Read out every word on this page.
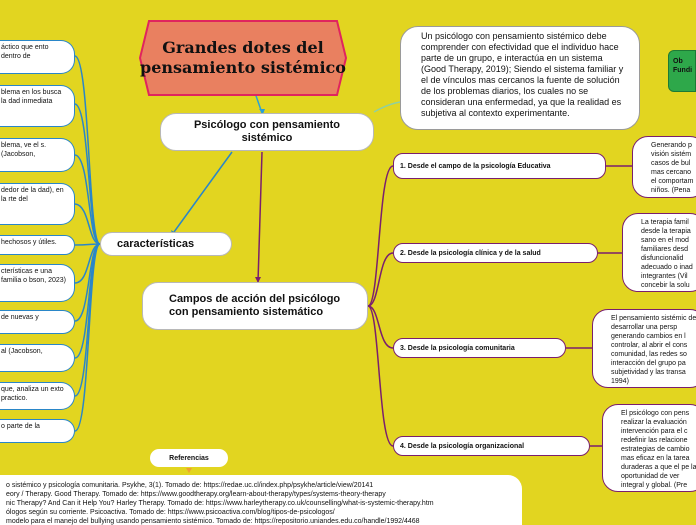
Grandes dotes del
pensamiento sistémico
Psicólogo con pensamiento sistémico
Un psicólogo con pensamiento sistémico debe comprender con efectividad que el individuo hace parte de un grupo, e interactúa en un sistema (Good Therapy, 2019); Siendo el sistema familiar y el de vínculos mas cercanos la fuente de solución de los problemas diarios, los cuales no se consideran una enfermedad, ya que la realidad es subjetiva al contexto experimentante.
Ob
Fundi
características
Campos de acción del psicólogo con pensamiento sistemático
áctico que ento dentro de
blema en los busca la dad inmediata
blema, ve el s. (Jacobson,
dedor de la dad), en la rte del
hechosos y útiles.
cterísticas e una familia o bson, 2023)
de nuevas y
al (Jacobson,
que, analiza un exto practico.
o parte de la
1. Desde el campo de la psicología Educativa
2. Desde la psicología clínica y de la salud
3. Desde la psicología comunitaria
4. Desde la psicología organizacional
Generando p visión sistém casos de bul mas cercano el comportam niños. (Pena
La terapia famil desde la terapia sano en el mod familiares desd disfuncionalid adecuado o inad integrantes (Vil concebir la solu
El pensamiento sistémic de desarrollar una persp generando cambios en l controlar, al abrir el cons comunidad, las redes so interacción del grupo pa subjetividad y las transa 1994)
El psicólogo con pens realizar la evaluación intervención para el c redefinir las relacione estrategias de cambio mas eficaz en la tarea duraderas a que el pe la oportunidad de ver integral y global. (Pre
Referencias
o sistémico y psicología comunitaria. Psykhe, 3(1). Tomado de: https://redae.uc.cl/index.php/psykhe/article/view/20141
eory / Therapy. Good Therapy. Tomado de: https://www.goodtherapy.org/learn-about-therapy/types/systems-theory-therapy
nic Therapy? And Can it Help You? Harley Therapy. Tomado de: https://www.harleytherapy.co.uk/counselling/what-is-systemic-therapy.htm
ólogos según su corriente. Psicoactiva. Tomado de: https://www.psicoactiva.com/blog/tipos-de-psicologos/
modelo para el manejo del bullying usando pensamiento sistémico. Tomado de: https://repositorio.uniandes.edu.co/handle/1992/4468
